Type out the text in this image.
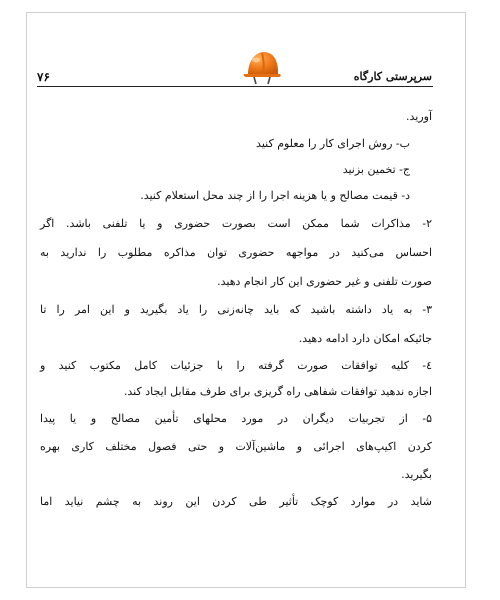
۷۶	سرپرستی کارگاه
آورید.
ب- روش اجرای کار را معلوم کنید
ج- تخمین بزنید
د- قیمت مصالح و یا هزینه اجرا را از چند محل استعلام کنید.
۲- مذاکرات شما ممکن است بصورت حضوری و یا تلفنی باشد. اگر
احساس می‌کنید در مواجهه حضوری توان مذاکره مطلوب را ندارید به
صورت تلفنی و غیر حضوری این کار انجام دهید.
۳- به یاد داشته باشید که باید چانه‌زنی را یاد بگیرید و این امر را تا
جائیکه امکان دارد ادامه دهید.
٤- کلیه توافقات صورت گرفته را با جزئیات کامل مکتوب کنید و
اجازه ندهید توافقات شفاهی راه گریزی برای طرف مقابل ایجاد کند.
۵- از تجربیات دیگران در مورد محلهای تأمین مصالح و یا پیدا
کردن اکیپ‌های اجرائی و ماشین‌آلات و حتی فصول مختلف کاری بهره
بگیرید.
شاید در موارد کوچک تأثیر طی کردن این روند به چشم نیاید اما
